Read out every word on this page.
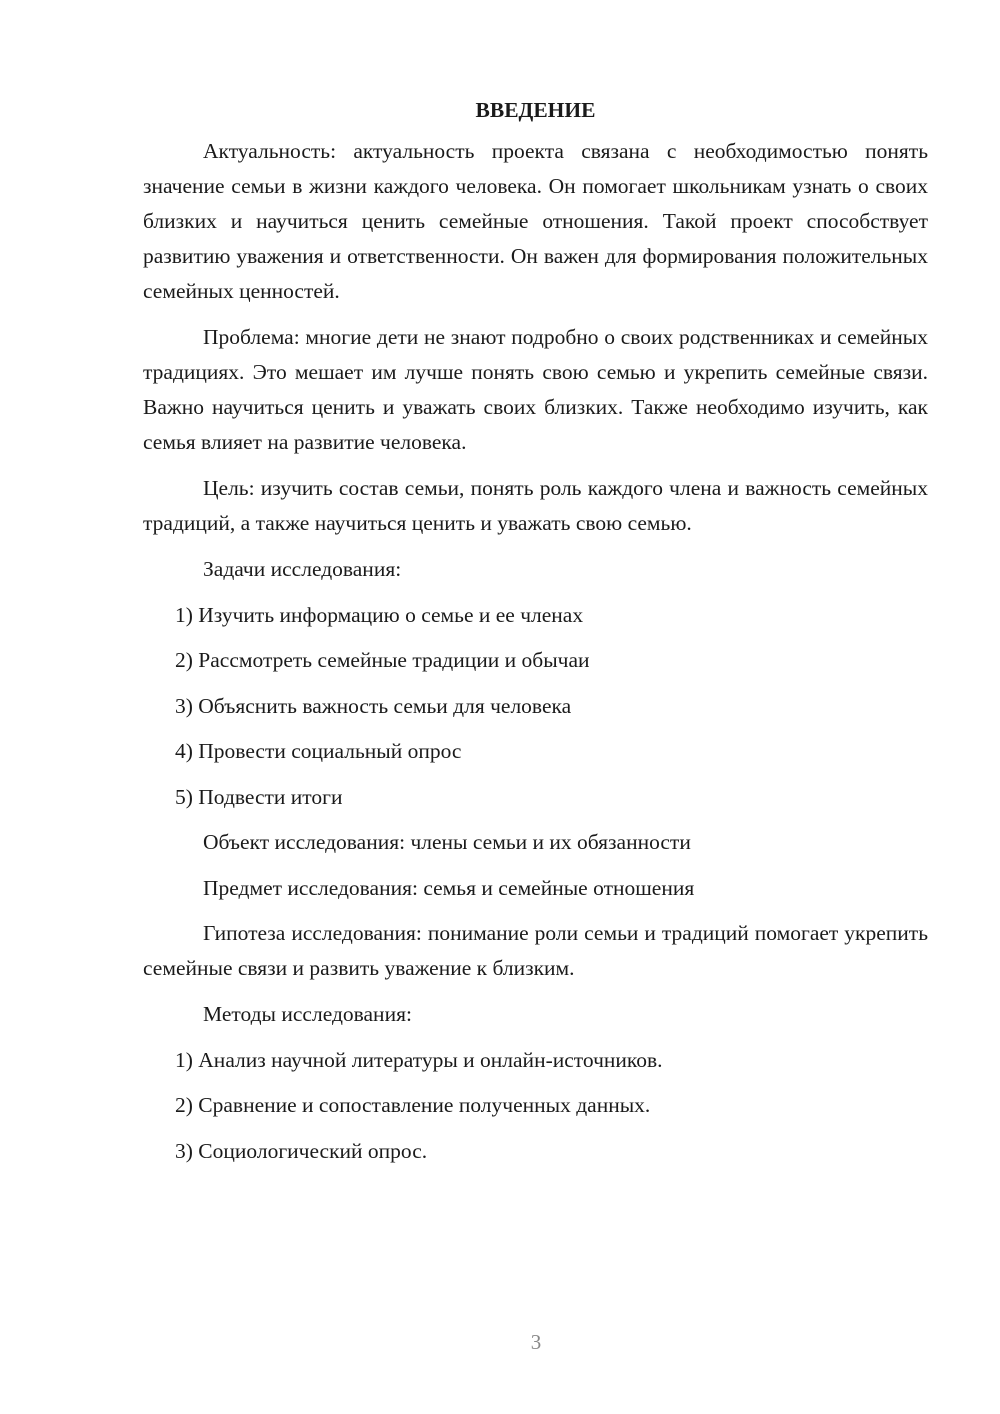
ВВЕДЕНИЕ

Актуальность: актуальность проекта связана с необходимостью понять значение семьи в жизни каждого человека. Он помогает школьникам узнать о своих близких и научиться ценить семейные отношения. Такой проект способствует развитию уважения и ответственности. Он важен для формирования положительных семейных ценностей.

Проблема: многие дети не знают подробно о своих родственниках и семейных традициях. Это мешает им лучше понять свою семью и укрепить семейные связи. Важно научиться ценить и уважать своих близких. Также необходимо изучить, как семья влияет на развитие человека.

Цель: изучить состав семьи, понять роль каждого члена и важность семейных традиций, а также научиться ценить и уважать свою семью.

Задачи исследования:
1) Изучить информацию о семье и ее членах
2) Рассмотреть семейные традиции и обычаи
3) Объяснить важность семьи для человека
4) Провести социальный опрос
5) Подвести итоги
Объект исследования: члены семьи и их обязанности
Предмет исследования: семья и семейные отношения

Гипотеза исследования: понимание роли семьи и традиций помогает укрепить семейные связи и развить уважение к близким.

Методы исследования:
1) Анализ научной литературы и онлайн-источников.
2) Сравнение и сопоставление полученных данных.
3) Социологический опрос.
3
